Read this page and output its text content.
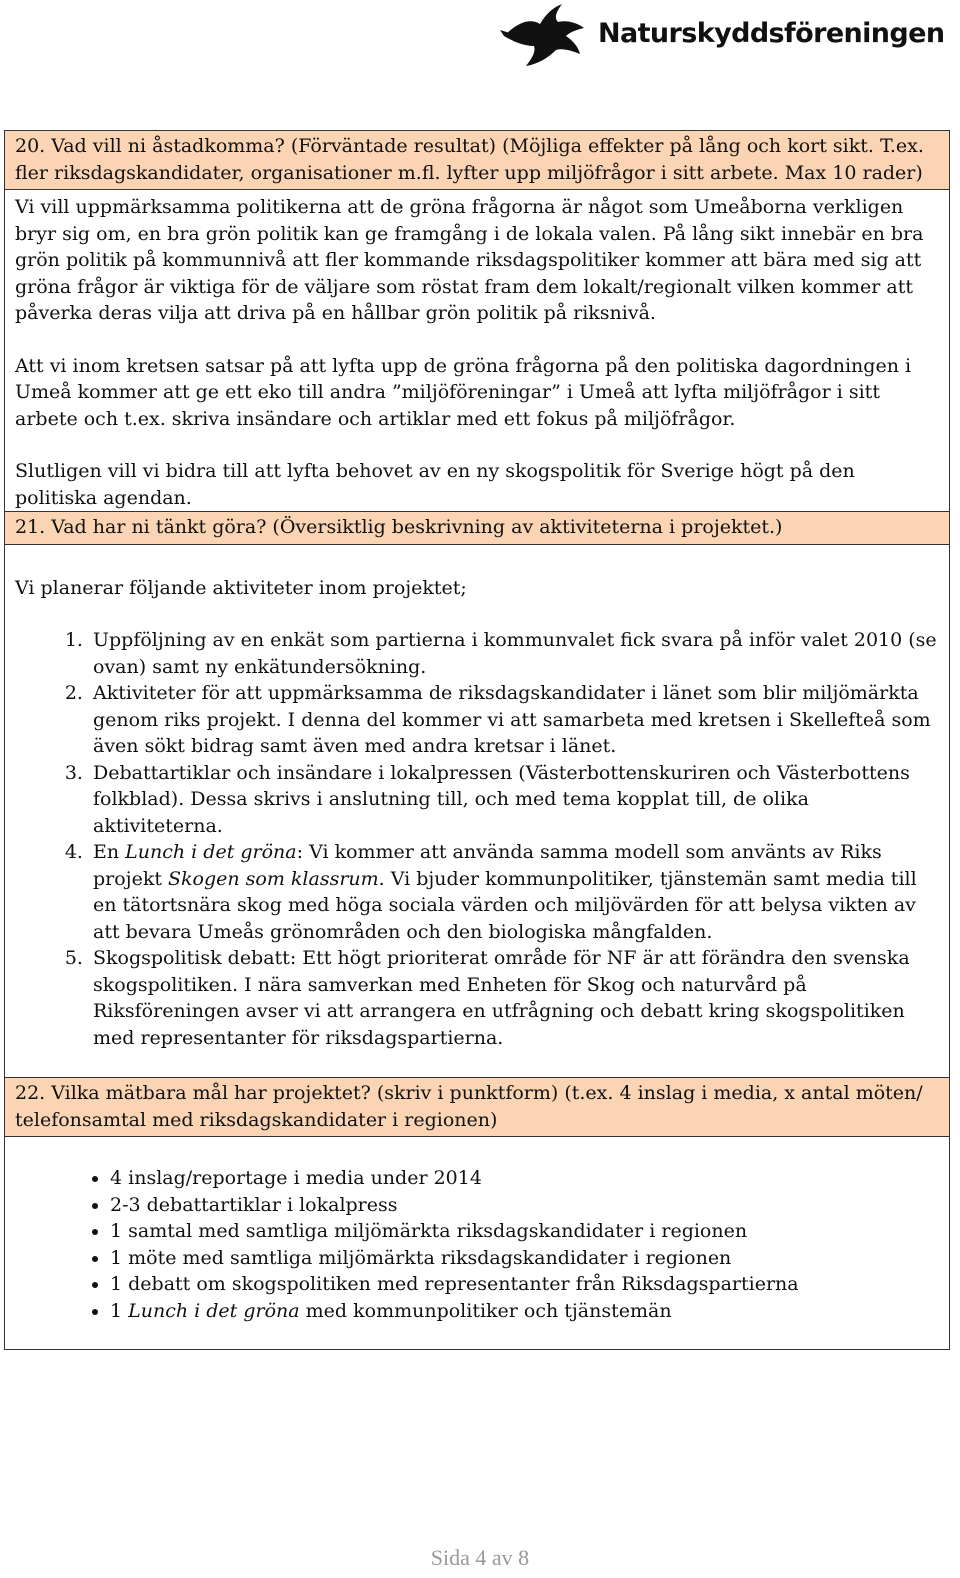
Naturskyddsföreningen
20. Vad vill ni åstadkomma? (Förväntade resultat) (Möjliga effekter på lång och kort sikt. T.ex. fler riksdagskandidater, organisationer m.fl. lyfter upp miljöfrågor i sitt arbete. Max 10 rader)

Vi vill uppmärksamma politikerna att de gröna frågorna är något som Umeåborna verkligen bryr sig om, en bra grön politik kan ge framgång i de lokala valen. På lång sikt innebär en bra grön politik på kommunnivå att fler kommande riksdagspolitiker kommer att bära med sig att gröna frågor är viktiga för de väljare som röstat fram dem lokalt/regionalt vilken kommer att påverka deras vilja att driva på en hållbar grön politik på riksnivå.

Att vi inom kretsen satsar på att lyfta upp de gröna frågorna på den politiska dagordningen i Umeå kommer att ge ett eko till andra ”miljöföreningar” i Umeå att lyfta miljöfrågor i sitt arbete och t.ex. skriva insändare och artiklar med ett fokus på miljöfrågor.

Slutligen vill vi bidra till att lyfta behovet av en ny skogspolitik för Sverige högt på den politiska agendan.

21. Vad har ni tänkt göra? (Översiktlig beskrivning av aktiviteterna i projektet.)

Vi planerar följande aktiviteter inom projektet;

1. Uppföljning av en enkät som partierna i kommunvalet fick svara på inför valet 2010 (se ovan) samt ny enkätundersökning.
2. Aktiviteter för att uppmärksamma de riksdagskandidater i länet som blir miljömärkta genom riks projekt. I denna del kommer vi att samarbeta med kretsen i Skellefteå som även sökt bidrag samt även med andra kretsar i länet.
3. Debattartiklar och insändare i lokalpressen (Västerbottenskuriren och Västerbottens folkblad). Dessa skrivs i anslutning till, och med tema kopplat till, de olika aktiviteterna.
4. En Lunch i det gröna: Vi kommer att använda samma modell som använts av Riks projekt Skogen som klassrum. Vi bjuder kommunpolitiker, tjänstemän samt media till en tätortsnära skog med höga sociala värden och miljövärden för att belysa vikten av att bevara Umeås grönområden och den biologiska mångfalden.
5. Skogspolitisk debatt: Ett högt prioriterat område för NF är att förändra den svenska skogspolitiken. I nära samverkan med Enheten för Skog och naturvård på Riksföreningen avser vi att arrangera en utfrågning och debatt kring skogspolitiken med representanter för riksdagspartierna.
22. Vilka mätbara mål har projektet? (skriv i punktform) (t.ex. 4 inslag i media, x antal möten/ telefonsamtal med riksdagskandidater i regionen)
• 4 inslag/reportage i media under 2014
• 2-3 debattartiklar i lokalpress
• 1 samtal med samtliga miljömärkta riksdagskandidater i regionen
• 1 möte med samtliga miljömärkta riksdagskandidater i regionen
• 1 debatt om skogspolitiken med representanter från Riksdagspartierna
• 1 Lunch i det gröna med kommunpolitiker och tjänstemän
Sida 4 av 8
